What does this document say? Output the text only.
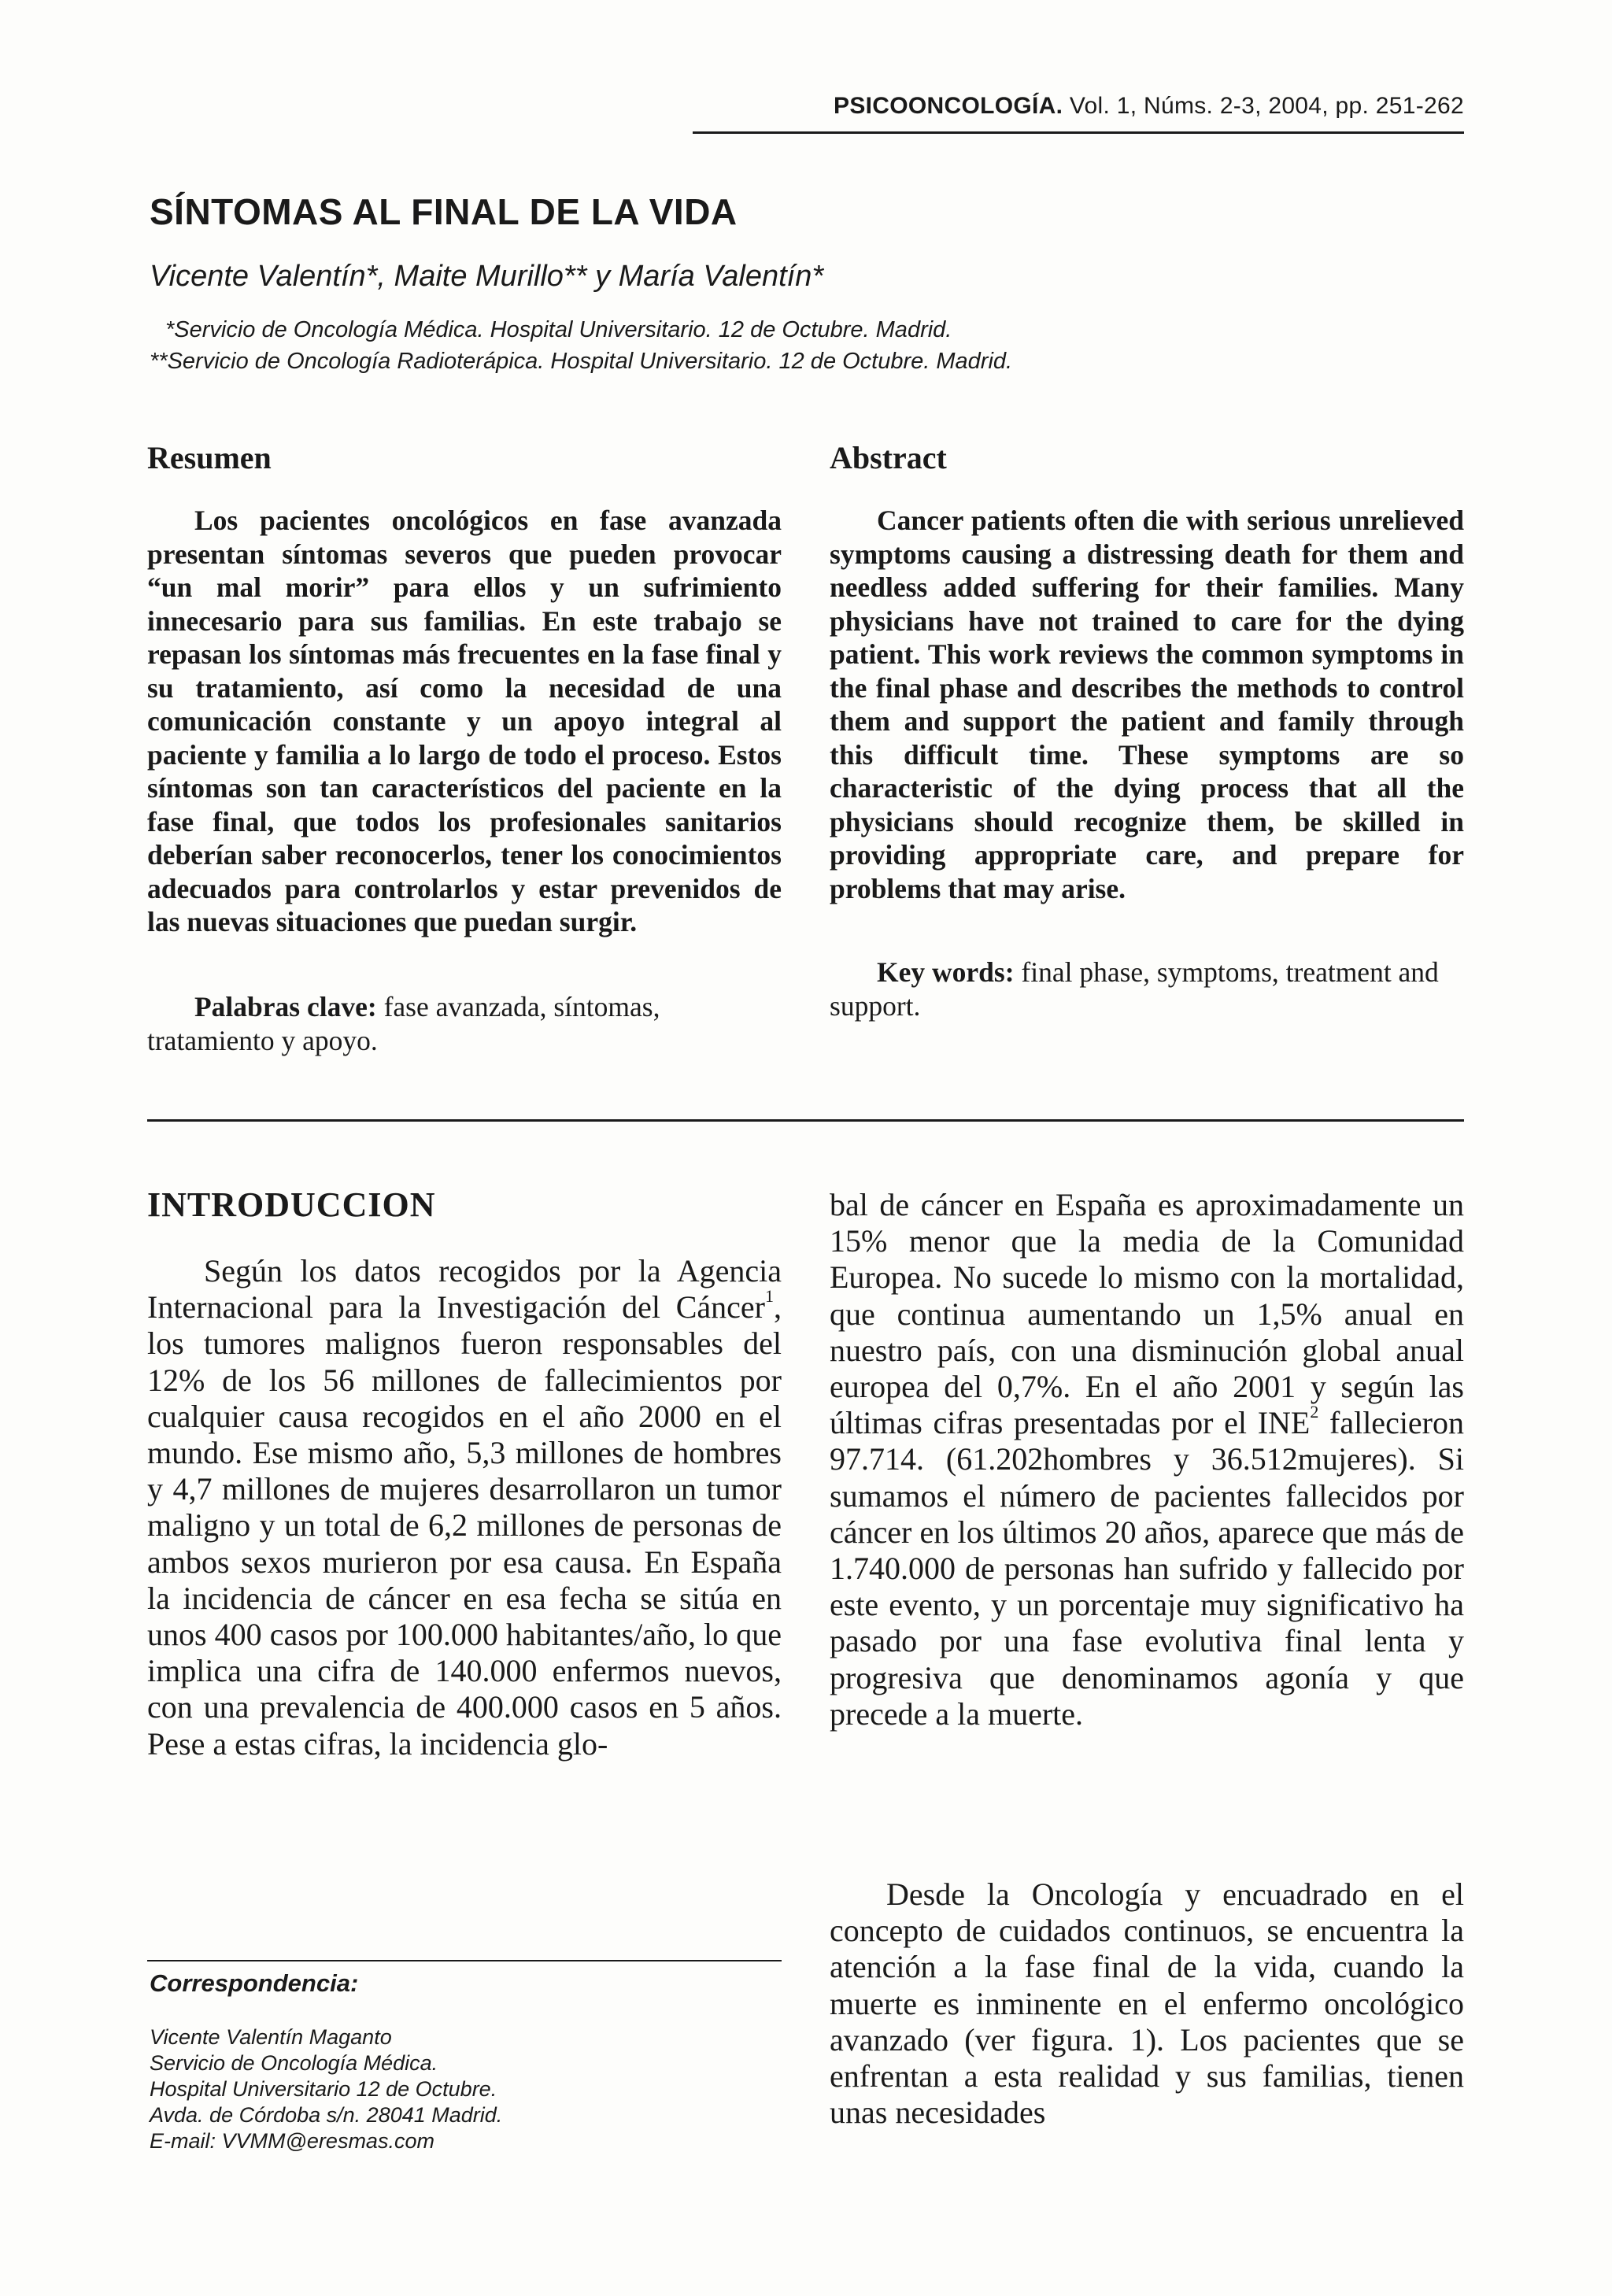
PSICOONCOLOGÍA. Vol. 1, Núms. 2-3, 2004, pp. 251-262
SÍNTOMAS AL FINAL DE LA VIDA
Vicente Valentín*, Maite Murillo** y María Valentín*
*Servicio de Oncología Médica. Hospital Universitario. 12 de Octubre. Madrid.
**Servicio de Oncología Radioterápica. Hospital Universitario. 12 de Octubre. Madrid.
Resumen

Los pacientes oncológicos en fase avanzada presentan síntomas severos que pueden provocar “un mal morir” para ellos y un sufrimiento innecesario para sus familias. En este trabajo se repasan los síntomas más frecuentes en la fase final y su tratamiento, así como la necesidad de una comunicación constante y un apoyo integral al paciente y familia a lo largo de todo el proceso. Estos síntomas son tan característicos del paciente en la fase final, que todos los profesionales sanitarios deberían saber reconocerlos, tener los conocimientos adecuados para controlarlos y estar prevenidos de las nuevas situaciones que puedan surgir.

Palabras clave: fase avanzada, síntomas, tratamiento y apoyo.

Abstract

Cancer patients often die with serious unrelieved symptoms causing a distressing death for them and needless added suffering for their families. Many physicians have not trained to care for the dying patient. This work reviews the common symptoms in the final phase and describes the methods to control them and support the patient and family through this difficult time. These symptoms are so characteristic of the dying process that all the physicians should recognize them, be skilled in providing appropriate care, and prepare for problems that may arise.

Key words: final phase, symptoms, treatment and support.

INTRODUCCION

Según los datos recogidos por la Agencia Internacional para la Investigación del Cáncer$^1$, los tumores malignos fueron responsables del 12% de los 56 millones de fallecimientos por cualquier causa recogidos en el año 2000 en el mundo. Ese mismo año, 5,3 millones de hombres y 4,7 millones de mujeres desarrollaron un tumor maligno y un total de 6,2 millones de personas de ambos sexos murieron por esa causa. En España la incidencia de cáncer en esa fecha se sitúa en unos 400 casos por 100.000 habitantes/año, lo que implica una cifra de 140.000 enfermos nuevos, con una prevalencia de 400.000 casos en 5 años. Pese a estas cifras, la incidencia glo-

bal de cáncer en España es aproximadamente un 15% menor que la media de la Comunidad Europea. No sucede lo mismo con la mortalidad, que continua aumentando un 1,5% anual en nuestro país, con una disminución global anual europea del 0,7%. En el año 2001 y según las últimas cifras presentadas por el INE$^2$ fallecieron 97.714. (61.202hombres y 36.512mujeres). Si sumamos el número de pacientes fallecidos por cáncer en los últimos 20 años, aparece que más de 1.740.000 de personas han sufrido y fallecido por este evento, y un porcentaje muy significativo ha pasado por una fase evolutiva final lenta y progresiva que denominamos agonía y que precede a la muerte.

Desde la Oncología y encuadrado en el concepto de cuidados continuos, se encuentra la atención a la fase final de la vida, cuando la muerte es inminente en el enfermo oncológico avanzado (ver figura. 1). Los pacientes que se enfrentan a esta realidad y sus familias, tienen unas necesidades

Correspondencia:
Vicente Valentín Maganto
Servicio de Oncología Médica.
Hospital Universitario 12 de Octubre.
Avda. de Córdoba s/n. 28041 Madrid.
E-mail: VVMM@eresmas.com
